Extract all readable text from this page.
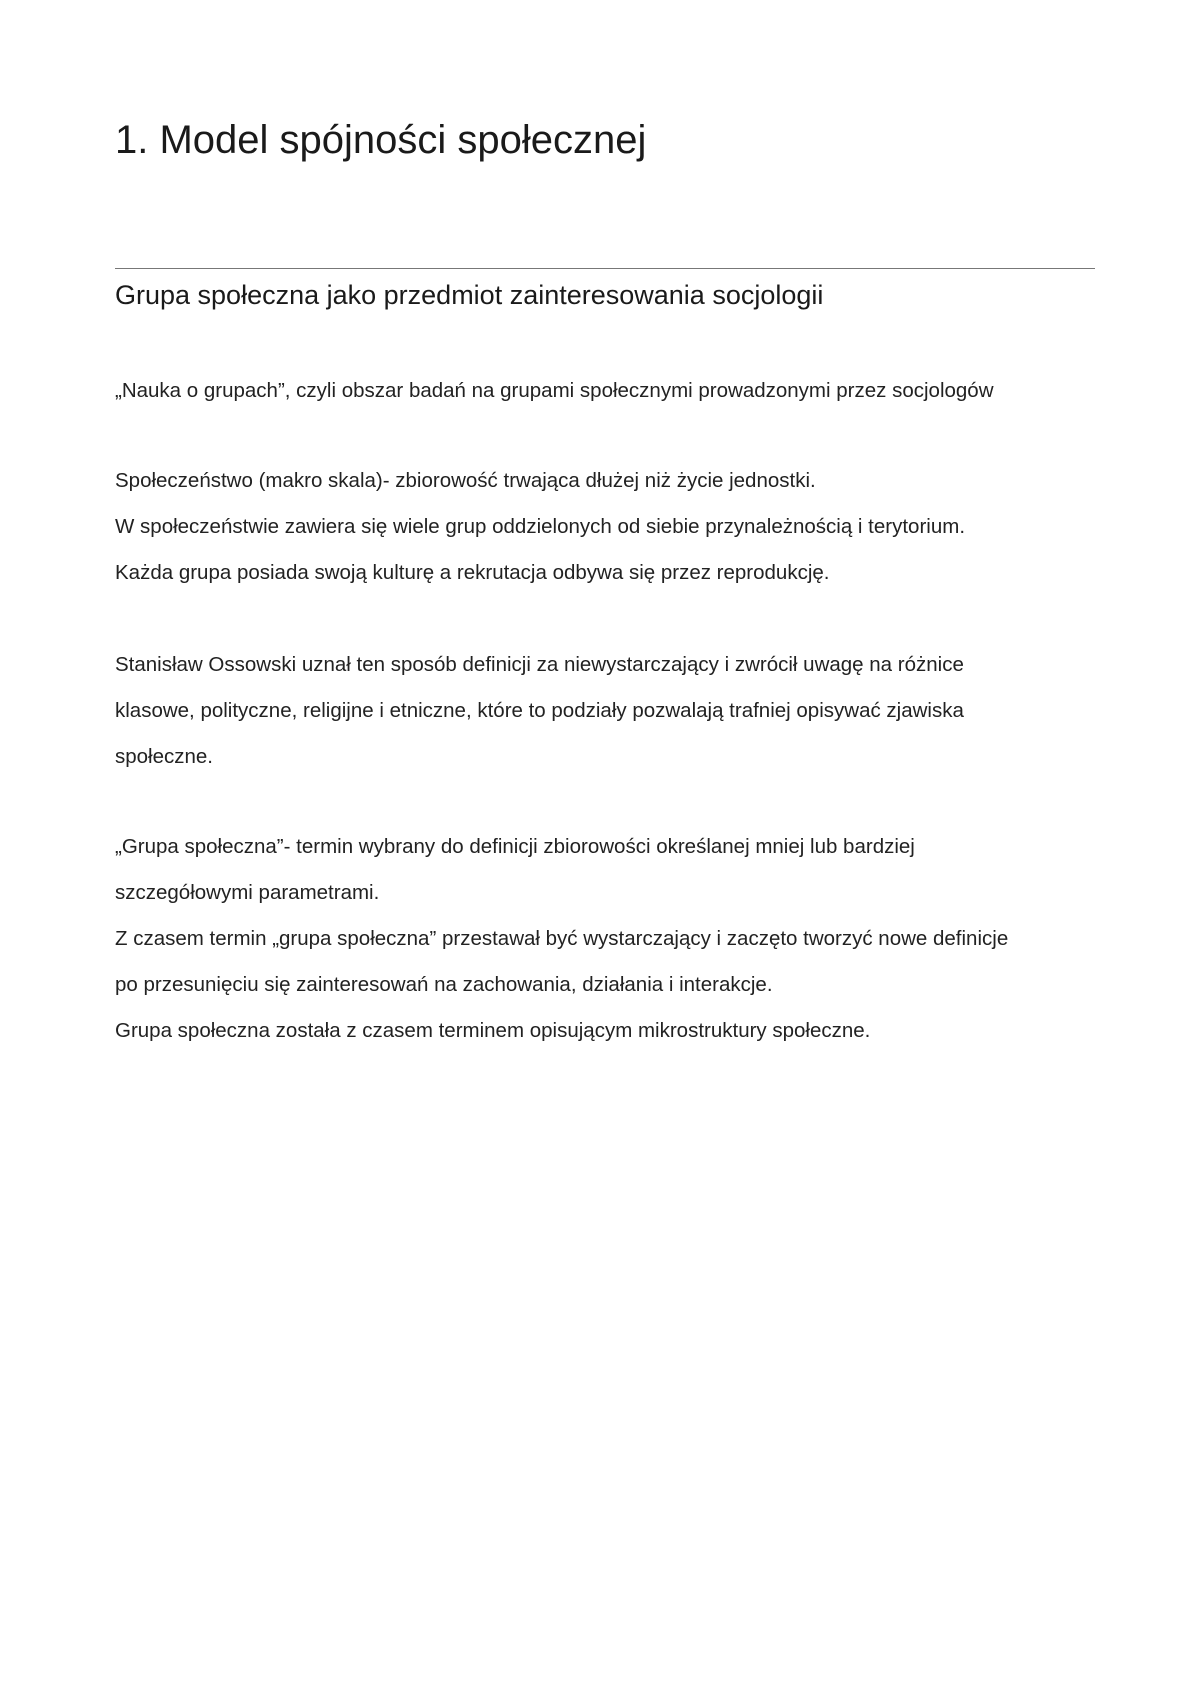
1. Model spójności społecznej
Grupa społeczna jako przedmiot zainteresowania socjologii

„Nauka o grupach”, czyli obszar badań na grupami społecznymi prowadzonymi przez socjologów

Społeczeństwo (makro skala)- zbiorowość trwająca dłużej niż życie jednostki.

W społeczeństwie zawiera się wiele grup oddzielonych od siebie przynależnością i terytorium.

Każda grupa posiada swoją kulturę a rekrutacja odbywa się przez reprodukcję.

Stanisław Ossowski uznał ten sposób definicji za niewystarczający i zwrócił uwagę na różnice

klasowe, polityczne, religijne i etniczne, które to podziały pozwalają trafniej opisywać zjawiska

społeczne.

„Grupa społeczna”- termin wybrany do definicji zbiorowości określanej mniej lub bardziej

szczegółowymi parametrami.

Z czasem termin „grupa społeczna” przestawał być wystarczający i zaczęto tworzyć nowe definicje

po przesunięciu się zainteresowań na zachowania, działania i interakcje.

Grupa społeczna została z czasem terminem opisującym mikrostruktury społeczne.
